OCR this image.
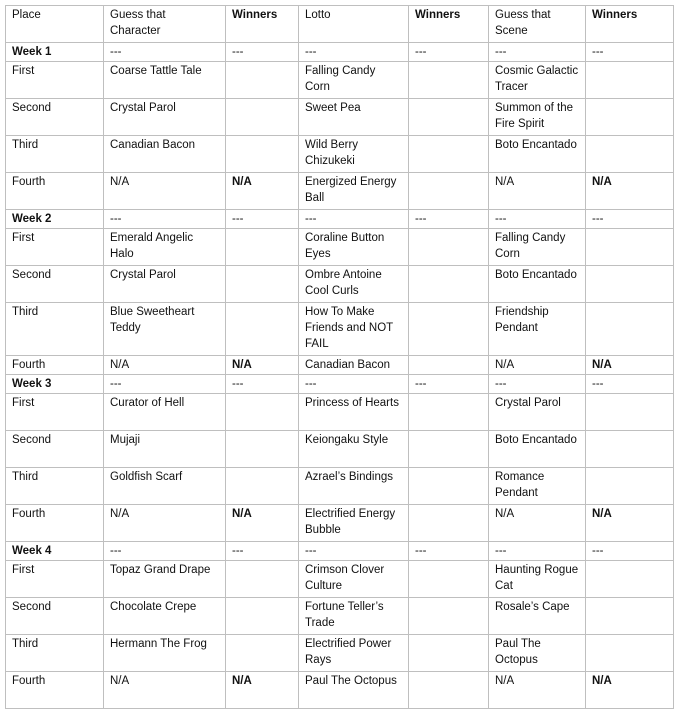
Place	Guess that Character	Winners	Lotto	Winners	Guess that Scene	Winners
Week 1	---	---	---	---	---	---
First	Coarse Tattle Tale		Falling Candy Corn		Cosmic Galactic Tracer	
Second	Crystal Parol		Sweet Pea		Summon of the Fire Spirit	
Third	Canadian Bacon		Wild Berry Chizukeki		Boto Encantado	
Fourth	N/A	N/A	Energized Energy Ball		N/A	N/A
Week 2	---	---	---	---	---	---
First	Emerald Angelic Halo		Coraline Button Eyes		Falling Candy Corn	
Second	Crystal Parol		Ombre Antoine Cool Curls		Boto Encantado	
Third	Blue Sweetheart Teddy		How To Make Friends and NOT FAIL		Friendship Pendant	
Fourth	N/A	N/A	Canadian Bacon		N/A	N/A
Week 3	---	---	---	---	---	---
First	Curator of Hell		Princess of Hearts		Crystal Parol	
Second	Mujaji		Keiongaku Style		Boto Encantado	
Third	Goldfish Scarf		Azrael’s Bindings		Romance Pendant	
Fourth	N/A	N/A	Electrified Energy Bubble		N/A	N/A
Week 4	---	---	---	---	---	---
First	Topaz Grand Drape		Crimson Clover Culture		Haunting Rogue Cat	
Second	Chocolate Crepe		Fortune Teller’s Trade		Rosale’s Cape	
Third	Hermann The Frog		Electrified Power Rays		Paul The Octopus	
Fourth	N/A	N/A	Paul The Octopus		N/A	N/A
